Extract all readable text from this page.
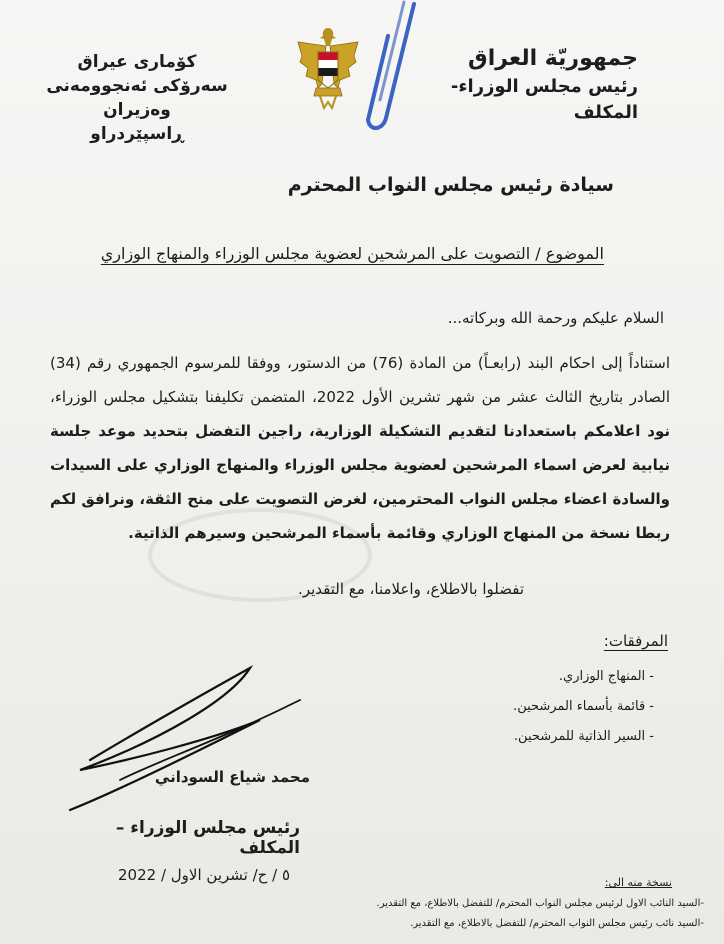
جمهوريّة العراق
رئيس مجلس الوزراء-المكلف
كۆماری عیراق
سەرۆکی ئەنجوومەنی وەزیران
ڕاسپێردراو
سيادة رئيس مجلس النواب المحترم
الموضوع / التصويت على المرشحين لعضوية مجلس الوزراء والمنهاج الوزاري
السلام عليكم ورحمة الله وبركاته...
استناداً إلى احكام البند (رابعـاً) من المادة (76) من الدستور، ووفقا للمرسوم الجمهوري رقم (34) الصادر بتاريخ الثالث عشر من شهر تشرين الأول 2022، المتضمن تكليفنا بتشكيل مجلس الوزراء، نود اعلامكم باستعدادنا لتقديم التشكيلة الوزارية، راجين التفضل بتحديد موعد جلسة نيابية لعرض اسماء المرشحين لعضوية مجلس الوزراء والمنهاج الوزاري على السيدات والسادة اعضاء مجلس النواب المحترمين، لغرض التصويت على منح الثقة، ونرافق لكم ربطا نسخة من المنهاج الوزاري وقائمة بأسماء المرشحين وسيرهم الذاتية.
تفضلوا بالاطلاع، واعلامنا، مع التقدير.
المرفقات:
- المنهاج الوزاري.
- قائمة بأسماء المرشحين.
- السير الذاتية للمرشحين.
محمد شياع السوداني
رئيس مجلس الوزراء – المكلف
٥ / ح/ تشرين الاول / 2022	نسخة منه الى:
- السيد النائب الاول لرئيس مجلس النواب المحترم/ للتفضل بالاطلاع، مع التقدير.
- السيد نائب رئيس مجلس النواب المحترم/ للتفضل بالاطلاع، مع التقدير.
